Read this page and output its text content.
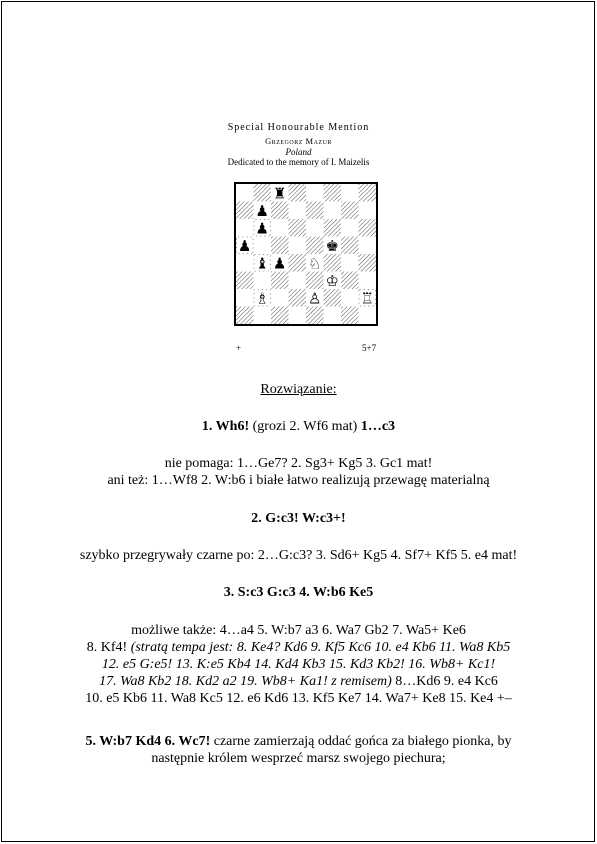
Special Honourable Mention
Grzegorz Mazur
Poland
Dedicated to the memory of I. Maizelis
♜
♟
♟
♟	♚
♝ ♟ ♘
♔
♗	♙	♖
+	5+7
Rozwiązanie:
1. Wh6! (grozi 2. Wf6 mat) 1…c3
nie pomaga: 1…Ge7? 2. Sg3+ Kg5 3. Gc1 mat!
ani też: 1…Wf8 2. W:b6 i białe łatwo realizują przewagę materialną
2. G:c3! W:c3+!
szybko przegrywały czarne po: 2…G:c3? 3. Sd6+ Kg5 4. Sf7+ Kf5 5. e4 mat!
3. S:c3 G:c3 4. W:b6 Ke5
możliwe także: 4…a4 5. W:b7 a3 6. Wa7 Gb2 7. Wa5+ Ke6
8. Kf4! (stratą tempa jest: 8. Ke4? Kd6 9. Kf5 Kc6 10. e4 Kb6 11. Wa8 Kb5
12. e5 G:e5! 13. K:e5 Kb4 14. Kd4 Kb3 15. Kd3 Kb2! 16. Wb8+ Kc1!
17. Wa8 Kb2 18. Kd2 a2 19. Wb8+ Ka1! z remisem) 8…Kd6 9. e4 Kc6
10. e5 Kb6 11. Wa8 Kc5 12. e6 Kd6 13. Kf5 Ke7 14. Wa7+ Ke8 15. Ke4 +–
5. W:b7 Kd4 6. Wc7! czarne zamierzają oddać gońca za białego pionka, by
następnie królem wesprzeć marsz swojego piechura;
